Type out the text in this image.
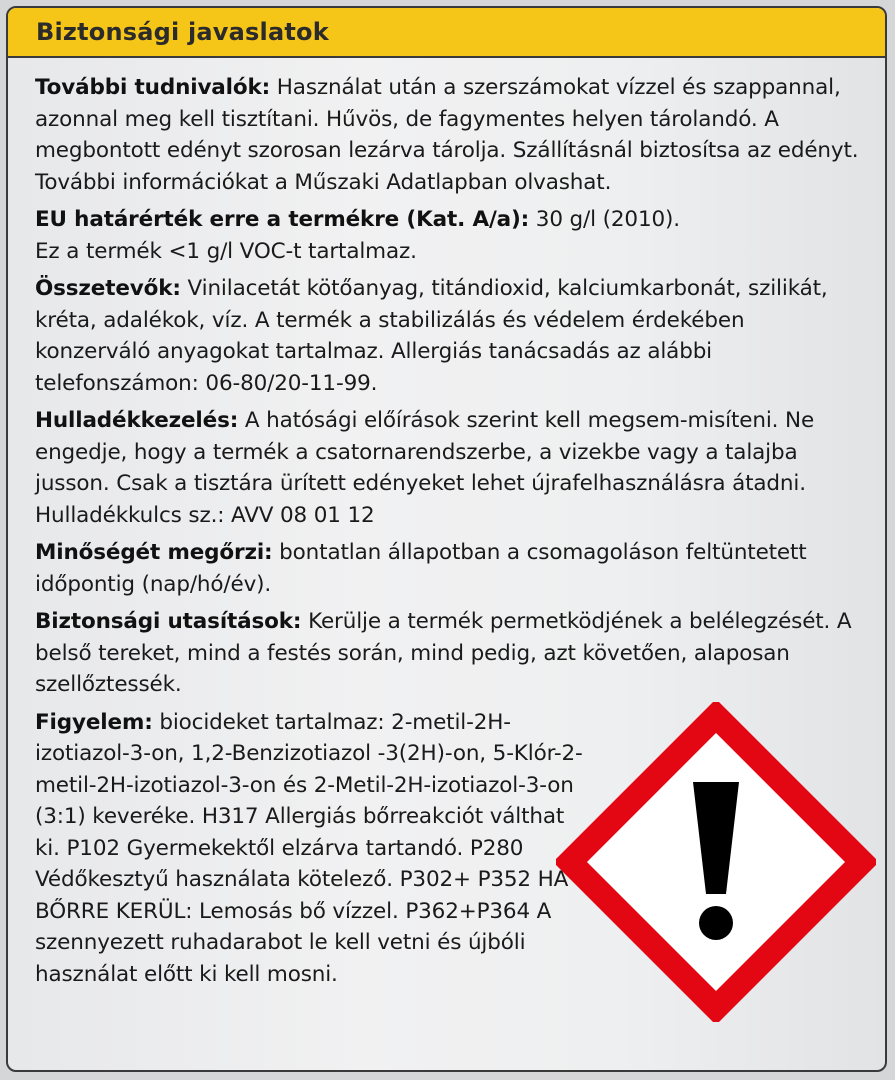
Biztonsági javaslatok

További tudnivalók: Használat után a szerszámokat vízzel és szappannal, azonnal meg kell tisztítani. Hűvös, de fagymentes helyen tárolandó. A megbontott edényt szorosan lezárva tárolja. Szállításnál biztosítsa az edényt. További információkat a Műszaki Adatlapban olvashat.

EU határérték erre a termékre (Kat. A/a): 30 g/l (2010).
Ez a termék <1 g/l VOC-t tartalmaz.

Összetevők: Vinilacetát kötőanyag, titándioxid, kalciumkarbonát, szilikát, kréta, adalékok, víz. A termék a stabilizálás és védelem érdekében konzerváló anyagokat tartalmaz. Allergiás tanácsadás az alábbi telefonszámon: 06-80/20-11-99.

Hulladékkezelés: A hatósági előírások szerint kell megsem-misíteni. Ne engedje, hogy a termék a csatornarendszerbe, a vizekbe vagy a talajba jusson. Csak a tisztára ürített edényeket lehet újrafelhasználásra átadni. Hulladékkulcs sz.: AVV 08 01 12

Minőségét megőrzi: bontatlan állapotban a csomagoláson feltüntetett időpontig (nap/hó/év).

Biztonsági utasítások: Kerülje a termék permetködjének a belélegzését. A belső tereket, mind a festés során, mind pedig, azt követően, alaposan szellőztessék.

Figyelem: biocideket tartalmaz: 2-metil-2H-izotiazol-3-on, 1,2-Benzizotiazol -3(2H)-on, 5-Klór-2-metil-2H-izotiazol-3-on és 2-Metil-2H-izotiazol-3-on (3:1) keveréke. H317 Allergiás bőrreakciót válthat ki. P102 Gyermekektől elzárva tartandó. P280 Védőkesztyű használata kötelező. P302+ P352 HA BŐRRE KERÜL: Lemosás bő vízzel. P362+P364 A szennyezett ruhadarabot le kell vetni és újbóli használat előtt ki kell mosni.
